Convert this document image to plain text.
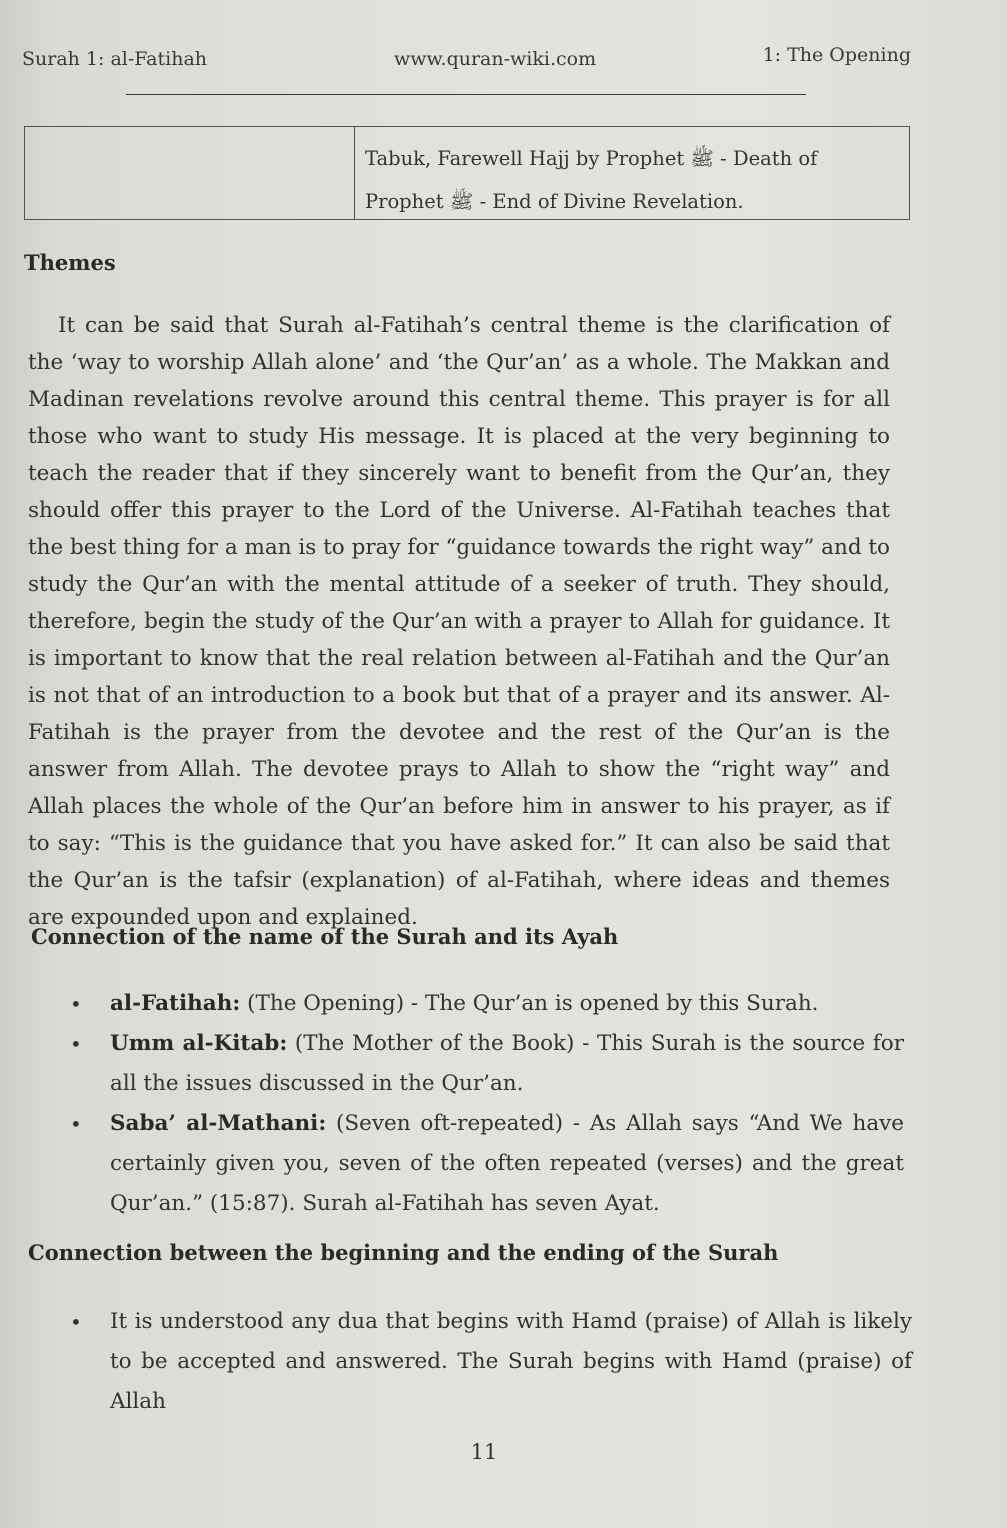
Surah 1: al-Fatihah	www.quran-wiki.com	1: The Opening
Tabuk, Farewell Hajj by Prophet ﷺ - Death of Prophet ﷺ - End of Divine Revelation.
Themes

It can be said that Surah al-Fatihah’s central theme is the clarification of the ‘way to worship Allah alone’ and ‘the Qur’an’ as a whole. The Makkan and Madinan revelations revolve around this central theme. This prayer is for all those who want to study His message. It is placed at the very beginning to teach the reader that if they sincerely want to benefit from the Qur’an, they should offer this prayer to the Lord of the Universe. Al-Fatihah teaches that the best thing for a man is to pray for “guidance towards the right way” and to study the Qur’an with the mental attitude of a seeker of truth. They should, therefore, begin the study of the Qur’an with a prayer to Allah for guidance. It is important to know that the real relation between al-Fatihah and the Qur’an is not that of an introduction to a book but that of a prayer and its answer. Al-Fatihah is the prayer from the devotee and the rest of the Qur’an is the answer from Allah. The devotee prays to Allah to show the “right way” and Allah places the whole of the Qur’an before him in answer to his prayer, as if to say: “This is the guidance that you have asked for.” It can also be said that the Qur’an is the tafsir (explanation) of al-Fatihah, where ideas and themes are expounded upon and explained.

Connection of the name of the Surah and its Ayah
• al-Fatihah: (The Opening) - The Qur’an is opened by this Surah.
• Umm al-Kitab: (The Mother of the Book) - This Surah is the source for all the issues discussed in the Qur’an.
• Saba’ al-Mathani: (Seven oft-repeated) - As Allah says “And We have certainly given you, seven of the often repeated (verses) and the great Qur’an.” (15:87). Surah al-Fatihah has seven Ayat.
Connection between the beginning and the ending of the Surah
• It is understood any dua that begins with Hamd (praise) of Allah is likely to be accepted and answered. The Surah begins with Hamd (praise) of Allah
11
